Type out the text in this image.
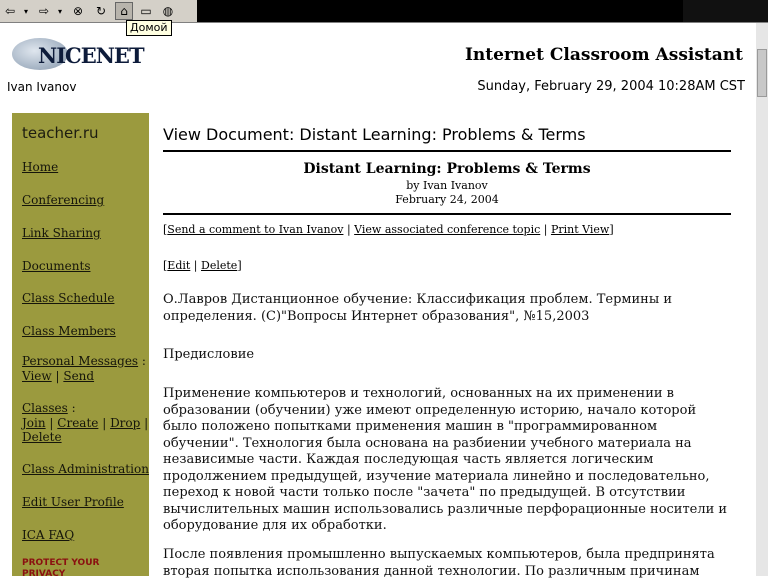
⇦	▾ ⇨	▾ ⊗ ↻	⌂	▭ ◍
Домой
NICENET	Internet Classroom Assistant
Ivan Ivanov	Sunday, February 29, 2004 10:28AM CST
teacher.ru
Home
Conferencing
Link Sharing
Documents
Class Schedule
Class Members
Personal Messages :
View | Send
Classes :
Join | Create | Drop |
Delete
Class Administration
Edit User Profile
ICA FAQ
PROTECT YOUR
PRIVACY
View Document: Distant Learning: Problems & Terms
Distant Learning: Problems & Terms
by Ivan Ivanov
February 24, 2004
[Send a comment to Ivan Ivanov | View associated conference topic | Print View]
[Edit | Delete]
О.Лавров Дистанционное обучение: Классификация проблем. Термины и определения. (С)"Вопросы Интернет образования", №15,2003
Предисловие
Применение компьютеров и технологий, основанных на их применении в образовании (обучении) уже имеют определенную историю, начало которой было положено попытками применения машин в "программированном обучении". Технология была основана на разбиении учебного материала на независимые части. Каждая последующая часть является логическим продолжением предыдущей, изучение материала линейно и последовательно, переход к новой части только после "зачета" по предыдущей. В отсутствии вычислительных машин использовались различные перфорационные носители и оборудование для их обработки.
После появления промышленно выпускаемых компьютеров, была предпринята вторая попытка использования данной технологии. По различным причинам
